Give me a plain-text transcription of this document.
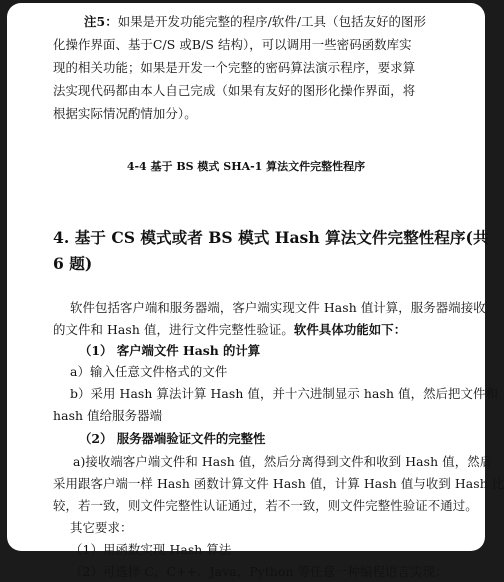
注5：如果是开发功能完整的程序/软件/工具（包括友好的图形
化操作界面、基于C/S 或B/S 结构），可以调用一些密码函数库实
现的相关功能；如果是开发一个完整的密码算法演示程序，要求算
法实现代码都由本人自己完成（如果有友好的图形化操作界面，将
根据实际情况酌情加分）。
4-4 基于 BS 模式 SHA-1 算法文件完整性程序
4. 基于 CS 模式或者 BS 模式 Hash 算法文件完整性程序(共
6 题)
软件包括客户端和服务器端，客户端实现文件 Hash 值计算，服务器端接收
的文件和 Hash 值，进行文件完整性验证。软件具体功能如下：
（1） 客户端文件 Hash 的计算
a）输入任意文件格式的文件
b）采用 Hash 算法计算 Hash 值，并十六进制显示 hash 值，然后把文件和
hash 值给服务器端
（2） 服务器端验证文件的完整性
a)接收端客户端文件和 Hash 值，然后分离得到文件和收到 Hash 值，然后
采用跟客户端一样 Hash 函数计算文件 Hash 值，计算 Hash 值与收到 Hash 比
较，若一致，则文件完整性认证通过，若不一致，则文件完整性验证不通过。
其它要求：
（1）用函数实现 Hash 算法
（2）可选择 C、C++、Java、Python 等任意一种编程语言实现；
